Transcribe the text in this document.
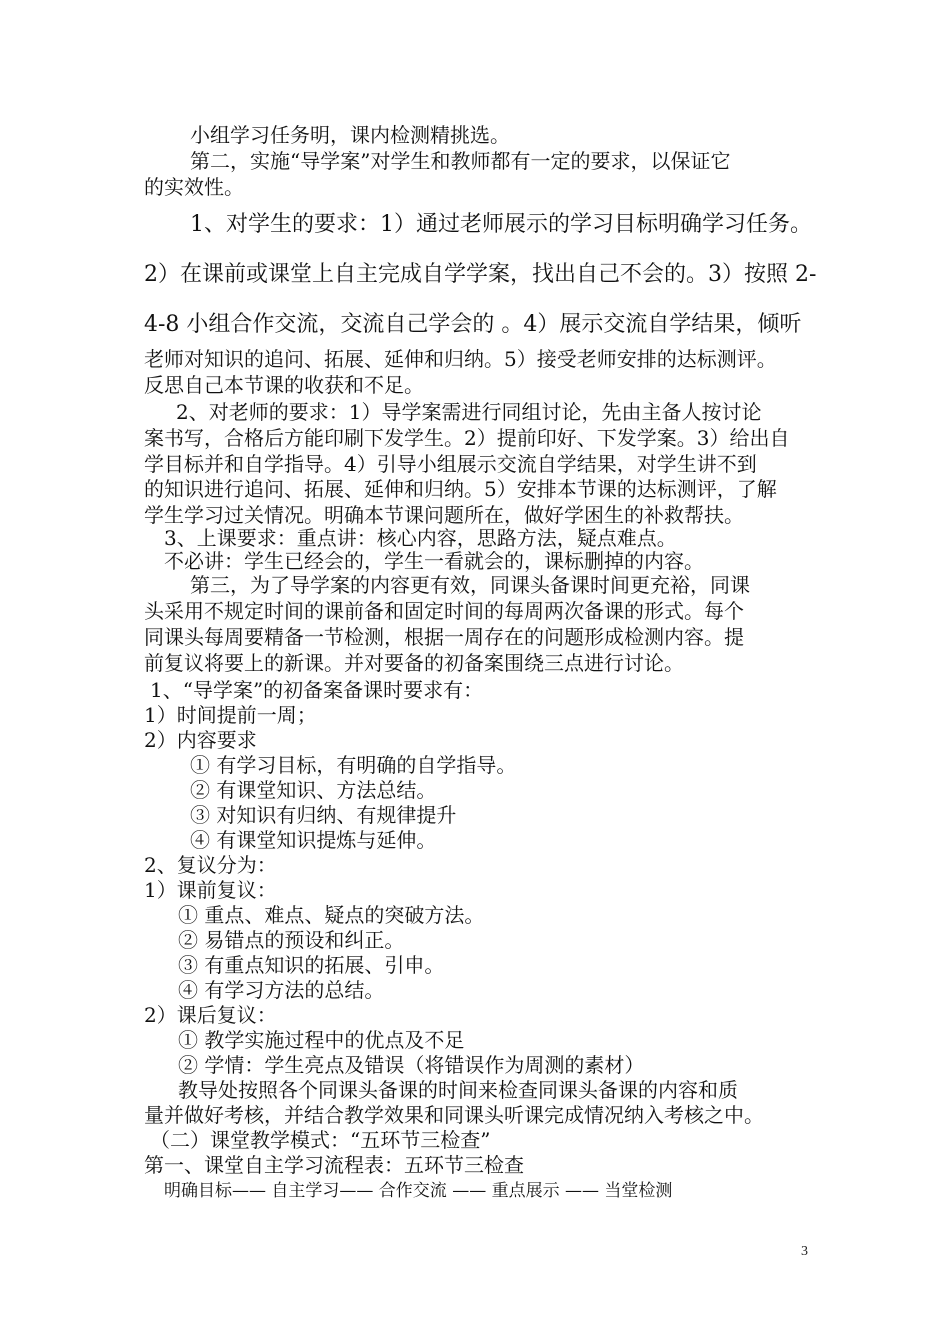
小组学习任务明，课内检测精挑选。
第二，实施“导学案”对学生和教师都有一定的要求，以保证它
的实效性。
1、对学生的要求：1）通过老师展示的学习目标明确学习任务。
2）在课前或课堂上自主完成自学学案，找出自己不会的。3）按照 2-
4-8 小组合作交流，交流自己学会的 。4）展示交流自学结果，倾听
老师对知识的追问、拓展、延伸和归纳。5）接受老师安排的达标测评。
反思自己本节课的收获和不足。
2、对老师的要求：1）导学案需进行同组讨论，先由主备人按讨论
案书写，合格后方能印刷下发学生。2）提前印好、下发学案。3）给出自
学目标并和自学指导。4）引导小组展示交流自学结果，对学生讲不到
的知识进行追问、拓展、延伸和归纳。5）安排本节课的达标测评，了解
学生学习过关情况。明确本节课问题所在，做好学困生的补救帮扶。
3、上课要求：重点讲：核心内容，思路方法，疑点难点。
不必讲：学生已经会的，学生一看就会的，课标删掉的内容。
第三，为了导学案的内容更有效，同课头备课时间更充裕，同课
头采用不规定时间的课前备和固定时间的每周两次备课的形式。每个
同课头每周要精备一节检测，根据一周存在的问题形成检测内容。提
前复议将要上的新课。并对要备的初备案围绕三点进行讨论。
1、“导学案”的初备案备课时要求有：
1）时间提前一周；
2）内容要求
① 有学习目标，有明确的自学指导。
② 有课堂知识、方法总结。
③ 对知识有归纳、有规律提升
④ 有课堂知识提炼与延伸。
2、复议分为：
1）课前复议：
① 重点、难点、疑点的突破方法。
② 易错点的预设和纠正。
③ 有重点知识的拓展、引申。
④ 有学习方法的总结。
2）课后复议：
① 教学实施过程中的优点及不足
② 学情：学生亮点及错误（将错误作为周测的素材）
教导处按照各个同课头备课的时间来检查同课头备课的内容和质
量并做好考核，并结合教学效果和同课头听课完成情况纳入考核之中。
（二）课堂教学模式：“五环节三检查”
第一、课堂自主学习流程表：五环节三检查
明确目标—— 自主学习—— 合作交流 —— 重点展示 —— 当堂检测
3
